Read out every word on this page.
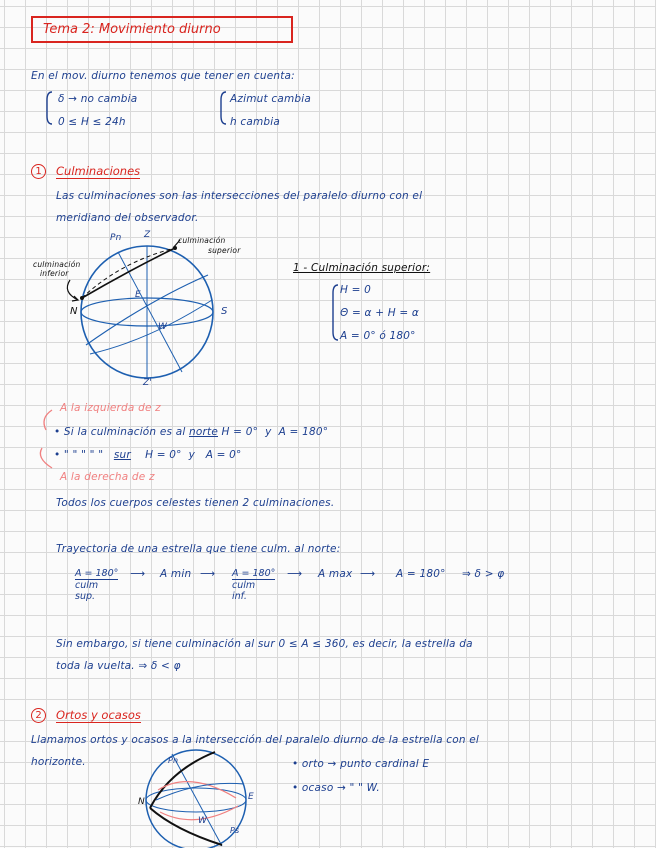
Tema 2: Movimiento diurno
En el mov. diurno tenemos que tener en cuenta:
δ → no cambia
0 ≤ H ≤ 24h
Azimut cambia
h cambia
1	Culminaciones
Las culminaciones son las intersecciones del paralelo diurno con el
meridiano del observador.
Pn Z
Z'
N	S
W
E
culminación
superior
culminación
inferior	1 - Culminación superior:
H = 0
Θ = α + H = α
A = 0° ó 180°
A la izquierda de z
• Si la culminación es al norte H = 0° y A = 180°
• " " " " " sur H = 0° y A = 0°
A la derecha de z
Todos los cuerpos celestes tienen 2 culminaciones.
Trayectoria de una estrella que tiene culm. al norte:
A = 180°
culm
sup.
⟶ A min ⟶ A = 180°
culm
inf.
⟶ A max ⟶ A = 180° ⇒ δ > φ
Sin embargo, si tiene culminación al sur 0 ≤ A ≤ 360, es decir, la estrella da
toda la vuelta. ⇒ δ < φ
2	Ortos y ocasos
Llamamos ortos y ocasos a la intersección del paralelo diurno de la estrella con el
horizonte.	Pn
N	E
W
Ps
• orto → punto cardinal E
• ocaso → " " W.
